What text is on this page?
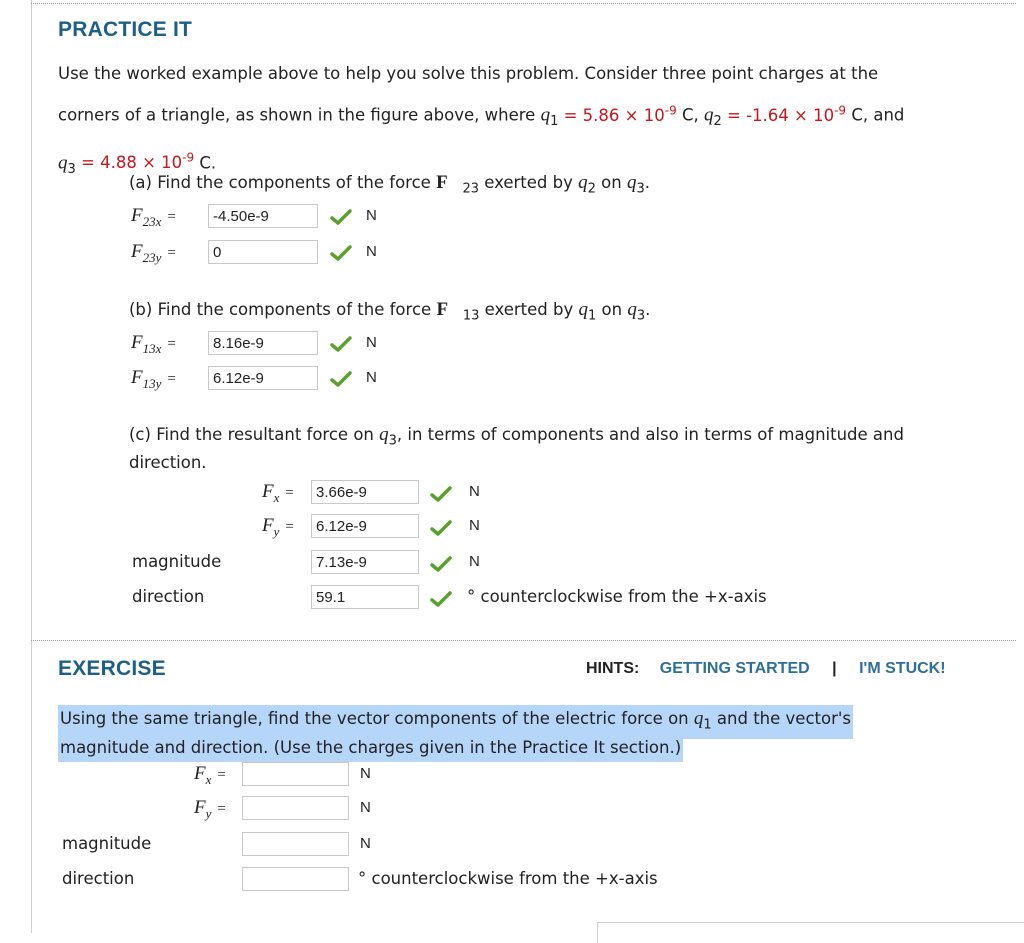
PRACTICE IT
Use the worked example above to help you solve this problem. Consider three point charges at the
corners of a triangle, as shown in the figure above, where $q_1 = 5.86 \times 10^{-9}$ C, $q_2 = -1.64 \times 10^{-9}$ C, and
$q_3 = 4.88 \times 10^{-9}$ C.
(a) Find the components of the force $F⃗_{23}$ exerted by $q_2$ on $q_3$.
$F_{23x}$ =
-4.50e-9	N
$F_{23y}$ =
0	N
(b) Find the components of the force $F⃗_{13}$ exerted by $q_1$ on $q_3$.
$F_{13x}$ =
8.16e-9	N
$F_{13y}$ =
6.12e-9	N
(c) Find the resultant force on $q_3$, in terms of components and also in terms of magnitude and
direction.
$F_x$ =
3.66e-9	N
$F_y$ =
6.12e-9	N
magnitude
7.13e-9	N
direction
59.1	° counterclockwise from the +x-axis
EXERCISE	HINTS: GETTING STARTED | I'M STUCK!
Using the same triangle, find the vector components of the electric force on $q_1$ and the vector's
magnitude and direction. (Use the charges given in the Practice It section.)
$F_x$ =	N
$F_y$ =	N
magnitude	N
direction	° counterclockwise from the +x-axis
